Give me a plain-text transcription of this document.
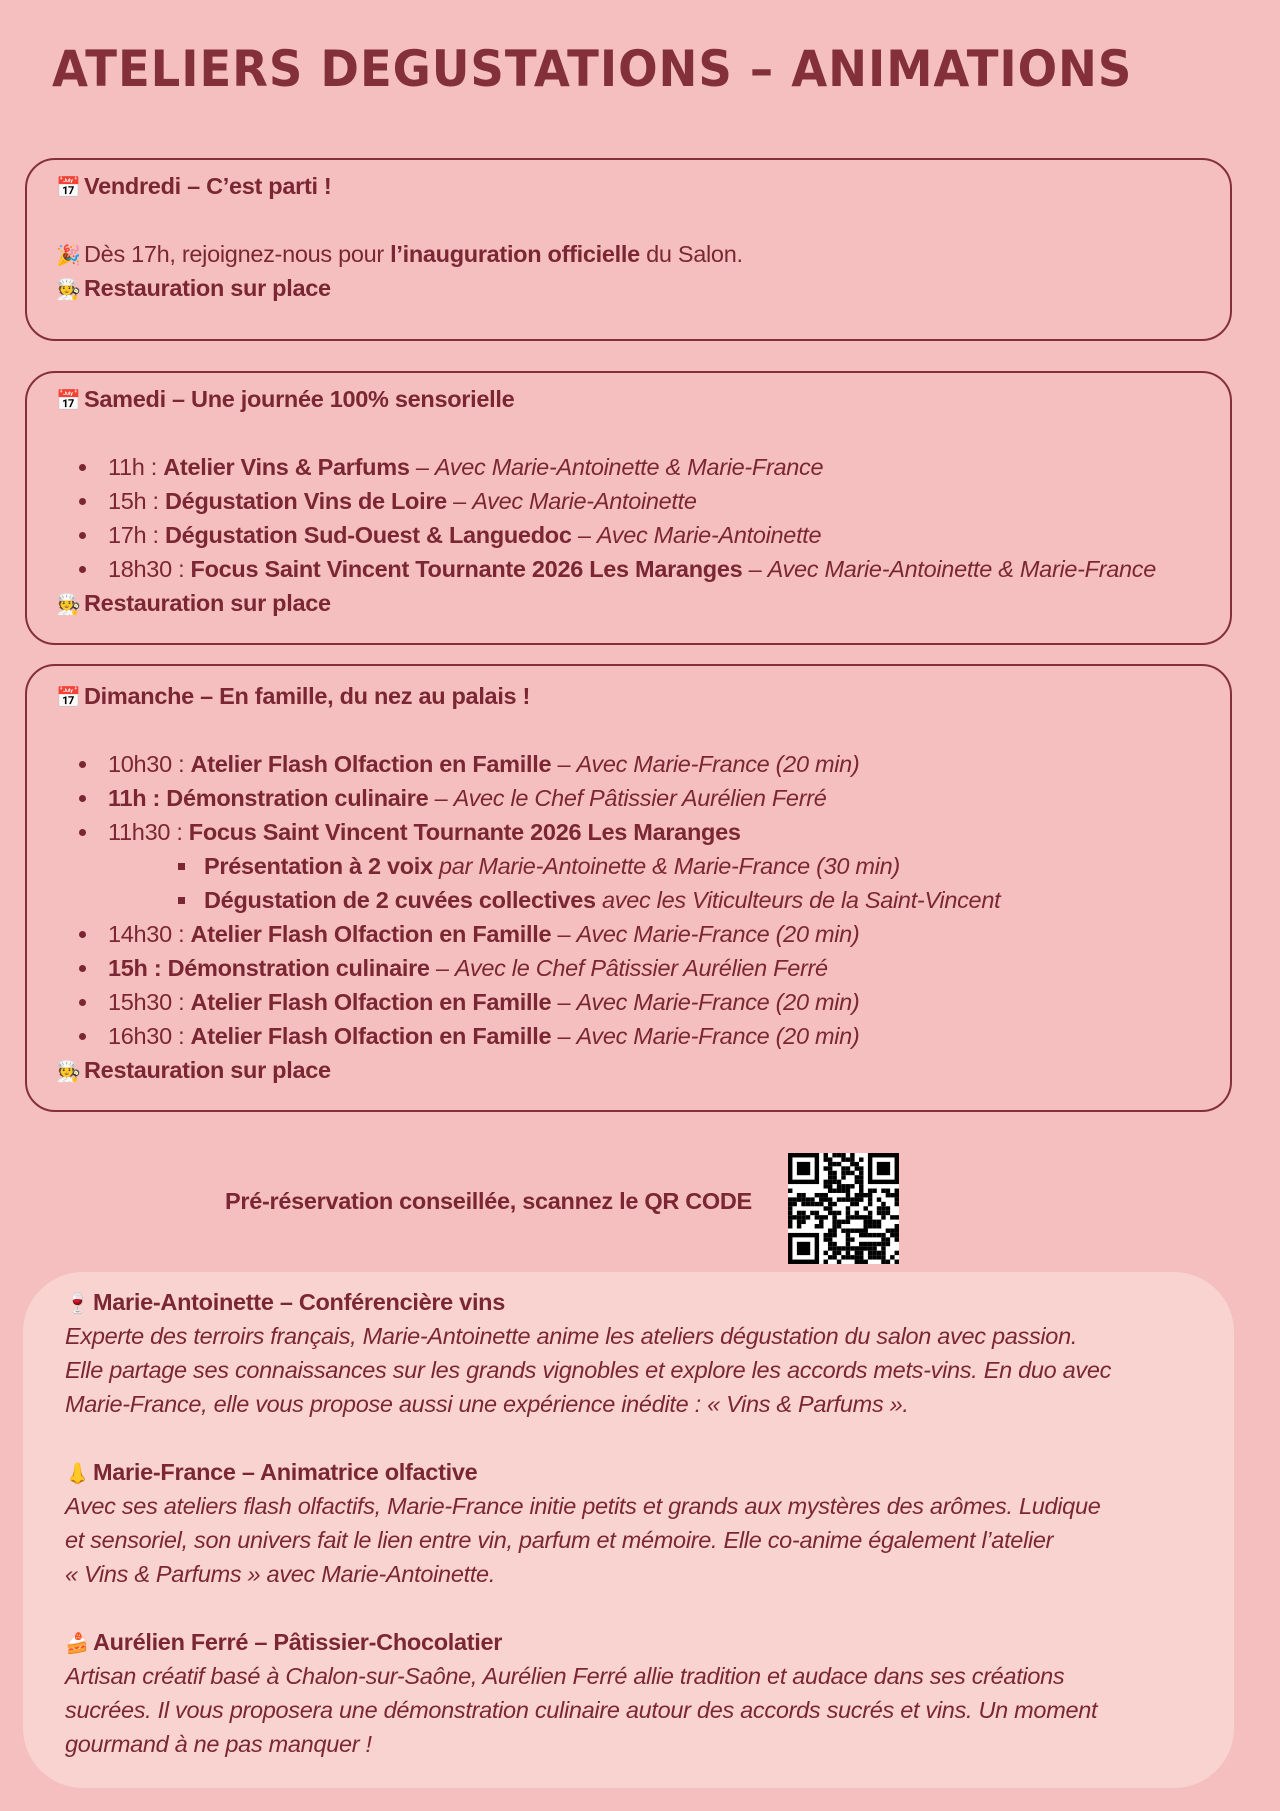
ATELIERS DEGUSTATIONS – ANIMATIONS
📅 Vendredi – C’est parti !
🎉 Dès 17h, rejoignez-nous pour l’inauguration officielle du Salon.
🧑‍🍳 Restauration sur place
📅 Samedi – Une journée 100% sensorielle
11h : Atelier Vins & Parfums – Avec Marie-Antoinette & Marie-France
15h : Dégustation Vins de Loire – Avec Marie-Antoinette
17h : Dégustation Sud-Ouest & Languedoc – Avec Marie-Antoinette
18h30 : Focus Saint Vincent Tournante 2026 Les Maranges – Avec Marie-Antoinette & Marie-France
🧑‍🍳 Restauration sur place
📅 Dimanche – En famille, du nez au palais !
10h30 : Atelier Flash Olfaction en Famille – Avec Marie-France (20 min)
11h : Démonstration culinaire – Avec le Chef Pâtissier Aurélien Ferré
11h30 : Focus Saint Vincent Tournante 2026 Les Maranges
Présentation à 2 voix par Marie-Antoinette & Marie-France (30 min)
Dégustation de 2 cuvées collectives avec les Viticulteurs de la Saint-Vincent
14h30 : Atelier Flash Olfaction en Famille – Avec Marie-France (20 min)
15h : Démonstration culinaire – Avec le Chef Pâtissier Aurélien Ferré
15h30 : Atelier Flash Olfaction en Famille – Avec Marie-France (20 min)
16h30 : Atelier Flash Olfaction en Famille – Avec Marie-France (20 min)
🧑‍🍳 Restauration sur place
Pré-réservation conseillée, scannez le QR CODE
🍷 Marie-Antoinette – Conférencière vins
Experte des terroirs français, Marie-Antoinette anime les ateliers dégustation du salon avec passion.
Elle partage ses connaissances sur les grands vignobles et explore les accords mets-vins. En duo avec
Marie-France, elle vous propose aussi une expérience inédite : « Vins & Parfums ».
👃 Marie-France – Animatrice olfactive
Avec ses ateliers flash olfactifs, Marie-France initie petits et grands aux mystères des arômes. Ludique
et sensoriel, son univers fait le lien entre vin, parfum et mémoire. Elle co-anime également l’atelier
« Vins & Parfums » avec Marie-Antoinette.
🍰 Aurélien Ferré – Pâtissier-Chocolatier
Artisan créatif basé à Chalon-sur-Saône, Aurélien Ferré allie tradition et audace dans ses créations
sucrées. Il vous proposera une démonstration culinaire autour des accords sucrés et vins. Un moment
gourmand à ne pas manquer !
